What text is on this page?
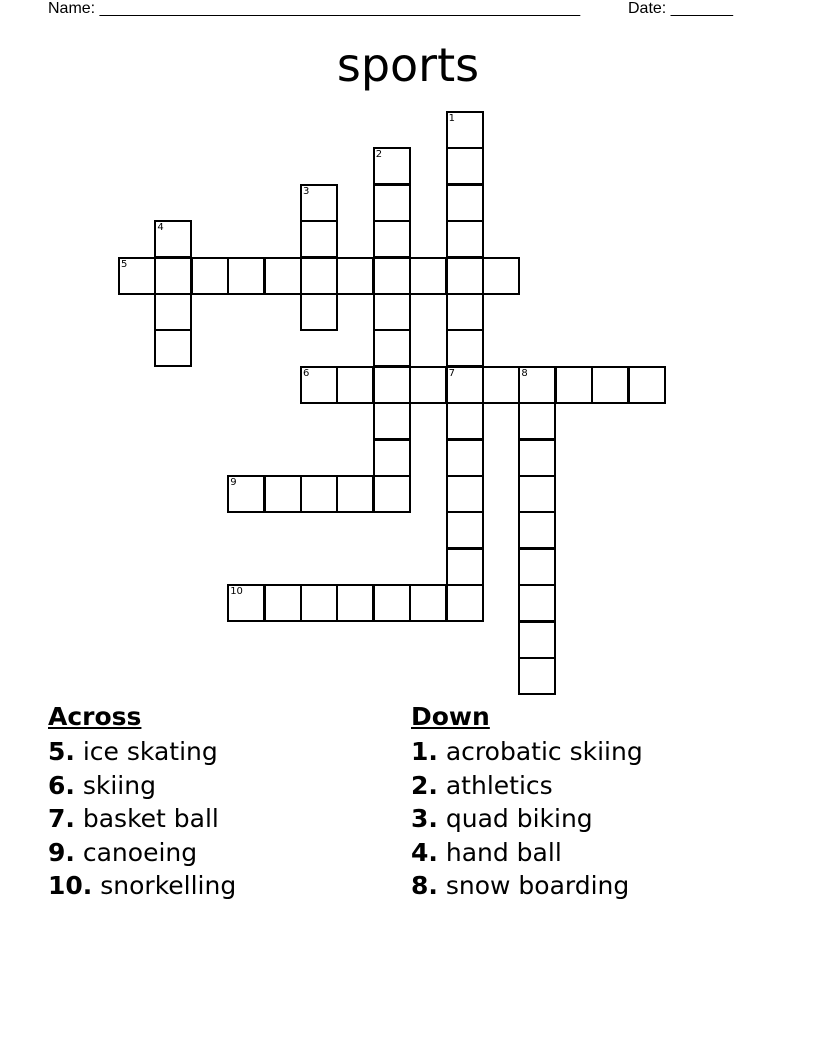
Name: ______________________________________________________	Date: _______
sports
1
7
2
3
4
5
6	8
9
10
Across
5. ice skating
6. skiing
7. basket ball
9. canoeing
10. snorkelling
Down
1. acrobatic skiing
2. athletics
3. quad biking
4. hand ball
8. snow boarding
